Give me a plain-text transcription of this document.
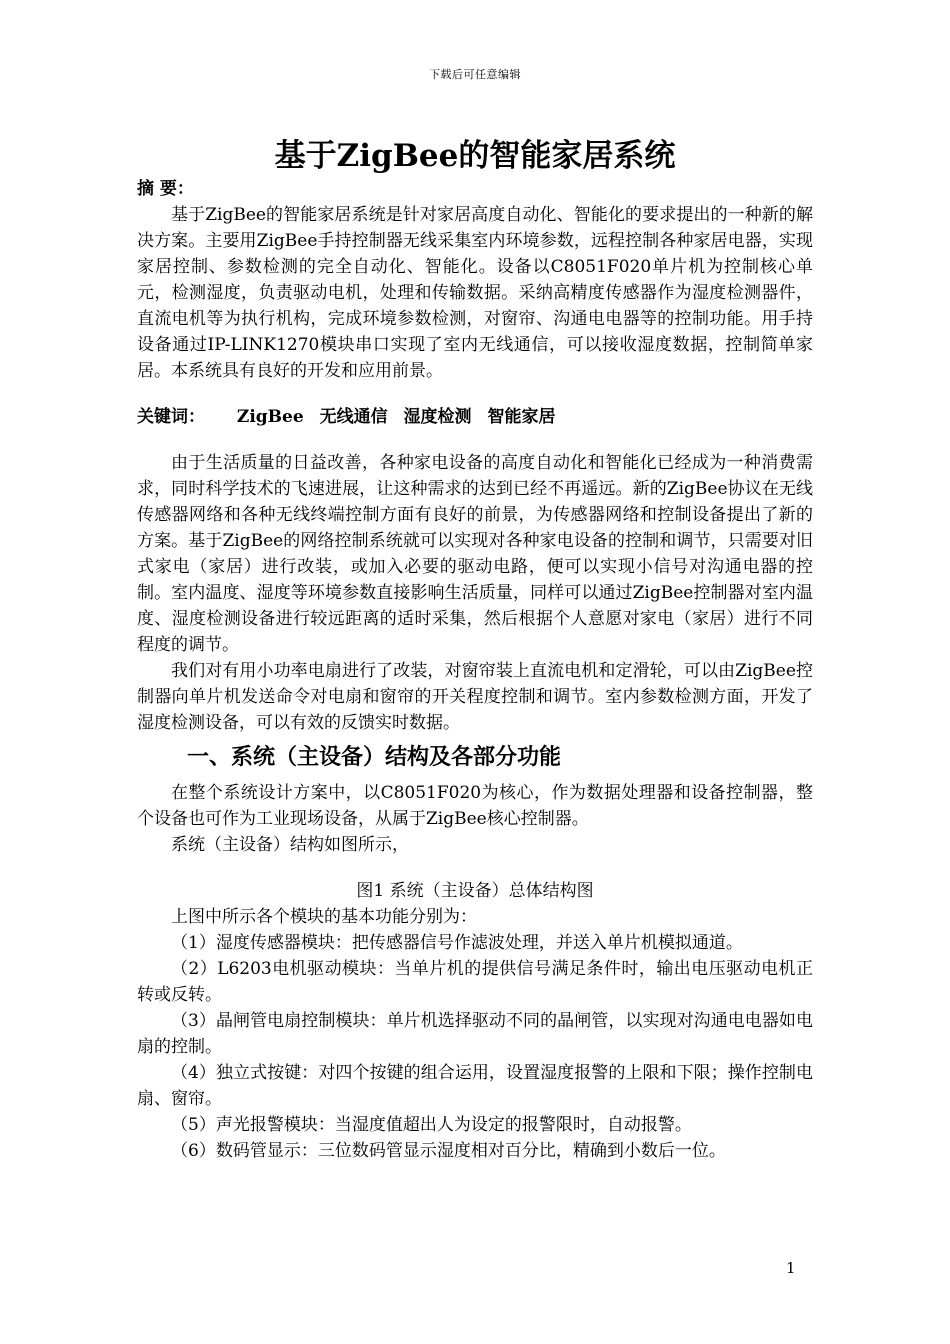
下载后可任意编辑
基于ZigBee的智能家居系统

摘 要：

基于ZigBee的智能家居系统是针对家居高度自动化、智能化的要求提出的一种新的解决方案。主要用ZigBee手持控制器无线采集室内环境参数，远程控制各种家居电器，实现家居控制、参数检测的完全自动化、智能化。设备以C8051F020单片机为控制核心单元，检测湿度，负责驱动电机，处理和传输数据。采纳高精度传感器作为湿度检测器件，直流电机等为执行机构，完成环境参数检测，对窗帘、沟通电电器等的控制功能。用手持设备通过IP-LINK1270模块串口实现了室内无线通信，可以接收湿度数据，控制简单家居。本系统具有良好的开发和应用前景。

关键词： ZigBee 无线通信 湿度检测 智能家居

由于生活质量的日益改善，各种家电设备的高度自动化和智能化已经成为一种消费需求，同时科学技术的飞速进展，让这种需求的达到已经不再遥远。新的ZigBee协议在无线传感器网络和各种无线终端控制方面有良好的前景，为传感器网络和控制设备提出了新的方案。基于ZigBee的网络控制系统就可以实现对各种家电设备的控制和调节，只需要对旧式家电（家居）进行改装，或加入必要的驱动电路，便可以实现小信号对沟通电器的控制。室内温度、湿度等环境参数直接影响生活质量，同样可以通过ZigBee控制器对室内温度、湿度检测设备进行较远距离的适时采集，然后根据个人意愿对家电（家居）进行不同程度的调节。

我们对有用小功率电扇进行了改装，对窗帘装上直流电机和定滑轮，可以由ZigBee控制器向单片机发送命令对电扇和窗帘的开关程度控制和调节。室内参数检测方面，开发了湿度检测设备，可以有效的反馈实时数据。

一、系统（主设备）结构及各部分功能

在整个系统设计方案中，以C8051F020为核心，作为数据处理器和设备控制器，整个设备也可作为工业现场设备，从属于ZigBee核心控制器。

系统（主设备）结构如图所示，

图1 系统（主设备）总体结构图

上图中所示各个模块的基本功能分别为：

（1）湿度传感器模块：把传感器信号作滤波处理，并送入单片机模拟通道。

（2）L6203电机驱动模块：当单片机的提供信号满足条件时，输出电压驱动电机正转或反转。

（3）晶闸管电扇控制模块：单片机选择驱动不同的晶闸管，以实现对沟通电电器如电扇的控制。

（4）独立式按键：对四个按键的组合运用，设置湿度报警的上限和下限；操作控制电扇、窗帘。

（5）声光报警模块：当湿度值超出人为设定的报警限时，自动报警。

（6）数码管显示：三位数码管显示湿度相对百分比，精确到小数后一位。

1
